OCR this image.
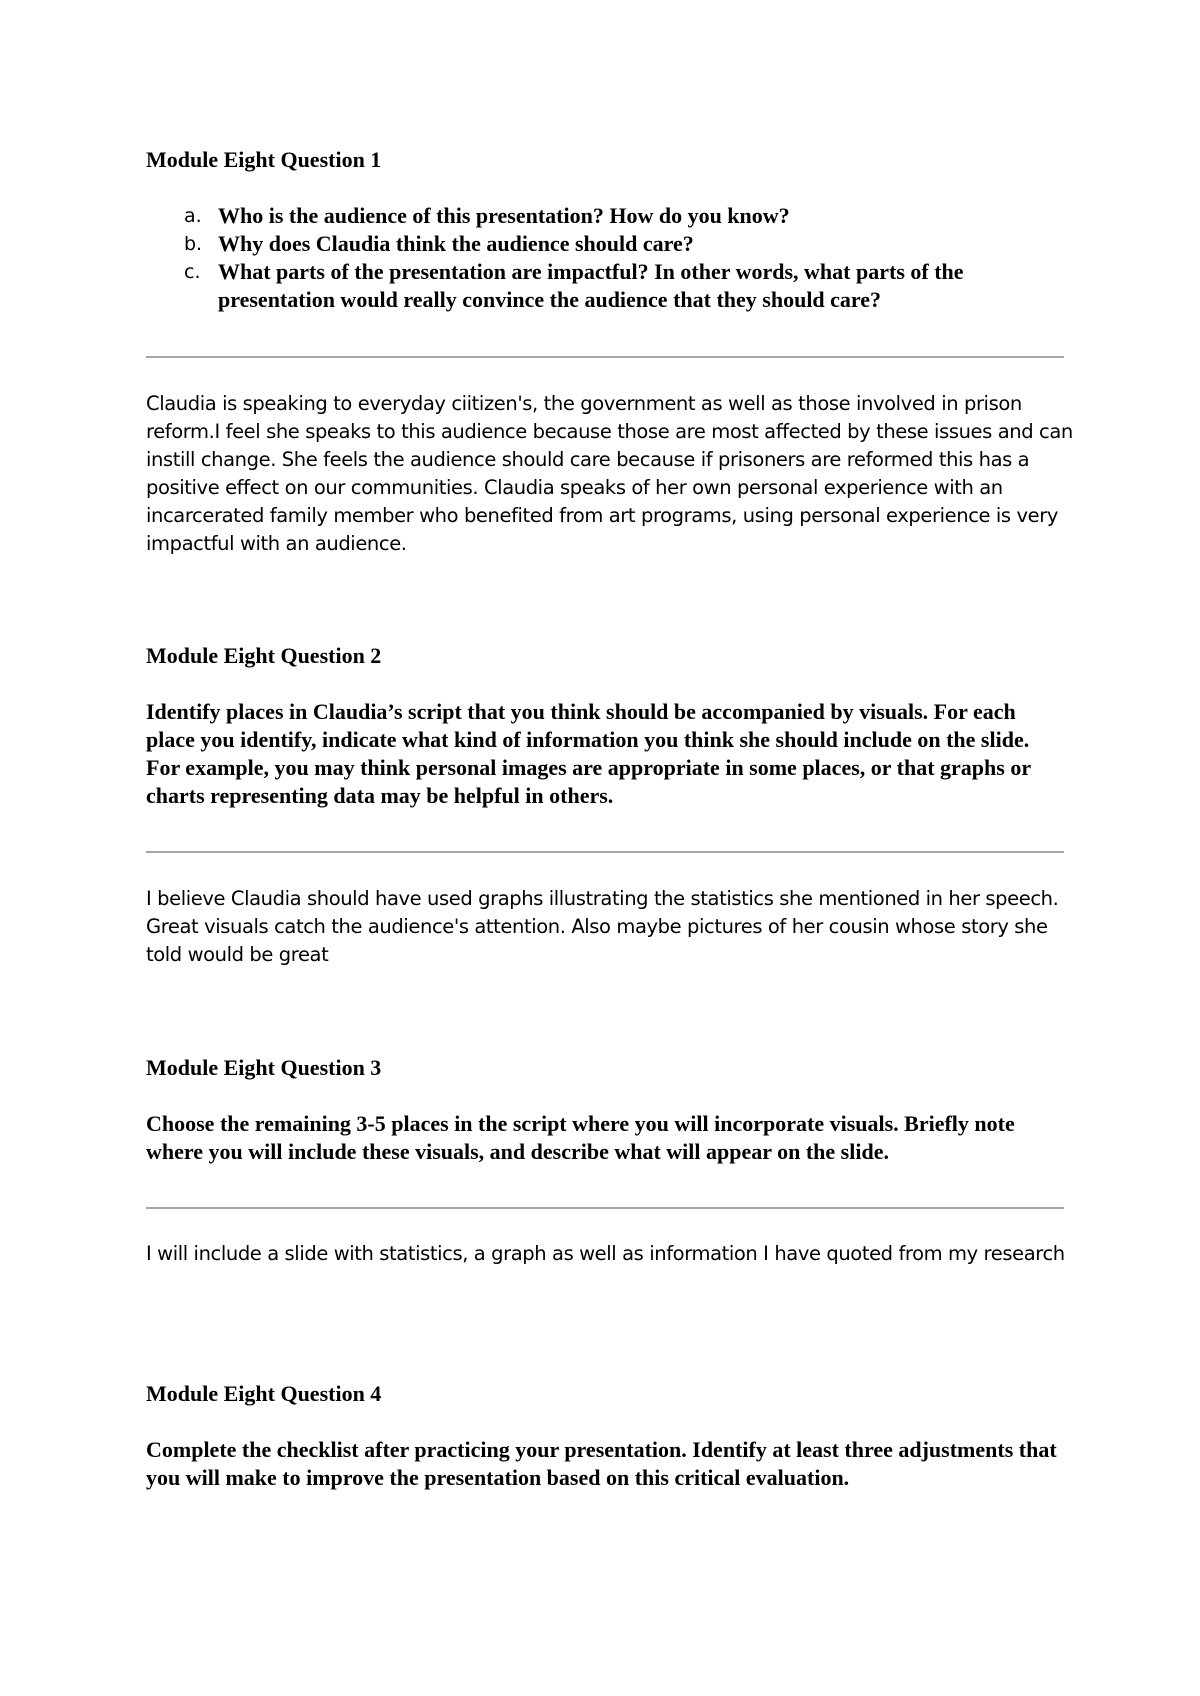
Module Eight Question 1

a. Who is the audience of this presentation? How do you know?
b. Why does Claudia think the audience should care?
c. What parts of the presentation are impactful? In other words, what parts of the presentation would really convince the audience that they should care?

Claudia is speaking to everyday ciitizen's, the government as well as those involved in prison reform.I feel she speaks to this audience because those are most affected by these issues and can instill change. She feels the audience should care because if prisoners are reformed this has a positive effect on our communities. Claudia speaks of her own personal experience with an incarcerated family member who benefited from art programs, using personal experience is very impactful with an audience.

Module Eight Question 2

Identify places in Claudia’s script that you think should be accompanied by visuals. For each place you identify, indicate what kind of information you think she should include on the slide. For example, you may think personal images are appropriate in some places, or that graphs or charts representing data may be helpful in others.

I believe Claudia should have used graphs illustrating the statistics she mentioned in her speech. Great visuals catch the audience's attention. Also maybe pictures of her cousin whose story she told would be great

Module Eight Question 3

Choose the remaining 3-5 places in the script where you will incorporate visuals. Briefly note where you will include these visuals, and describe what will appear on the slide.

I will include a slide with statistics, a graph as well as information I have quoted from my research

Module Eight Question 4

Complete the checklist after practicing your presentation. Identify at least three adjustments that you will make to improve the presentation based on this critical evaluation.
